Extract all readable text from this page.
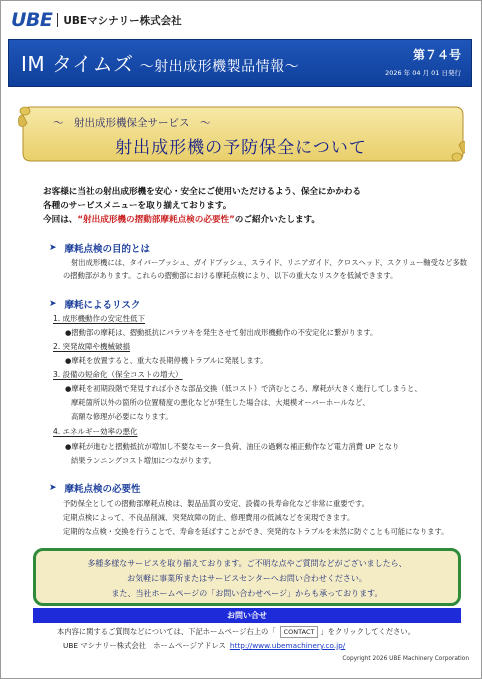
UBE UBEマシナリー株式会社
IM タイムズ ～射出成形機製品情報～
第７４号
2026 年 04 月 01 日発行
～　射出成形機保全サービス　～
射出成形機の予防保全について
お客様に当社の射出成形機を安心・安全にご使用いただけるよう、保全にかかわる
各種のサービスメニューを取り揃えております。
今回は、“射出成形機の摺動部摩耗点検の必要性”のご紹介いたします。
➤ 摩耗点検の目的とは
射出成形機には、タイバーブッシュ、ガイドブッシュ、スライド、リニアガイド、クロスヘッド、スクリュー軸受など多数
の摺動部があります。これらの摺動部における摩耗点検により、以下の重大なリスクを低減できます。
➤ 摩耗によるリスク
1. 成形機動作の安定性低下
●摺動部の摩耗は、摺動抵抗にバラツキを発生させて射出成形機動作の不安定化に繋がります。
2. 突発故障や機械破損
●摩耗を放置すると、重大な長期停機トラブルに発展します。
3. 設備の短命化（保全コストの増大）
●摩耗を初期段階で発見すれば小さな部品交換（低コスト）で済むところ、摩耗が大きく進行してしまうと、
摩耗箇所以外の箇所の位置精度の悪化などが発生した場合は、大規模オーバーホールなど、
高額な修理が必要になります。
4. エネルギー効率の悪化
●摩耗が進むと摺動抵抗が増加し不要なモーター負荷、油圧の過剰な補正動作など電力消費 UP となり
結果ランニングコスト増加につながります。
➤ 摩耗点検の必要性
予防保全としての摺動部摩耗点検は、製品品質の安定、設備の長寿命化など非常に重要です。
定期点検によって、不良品削減、突発故障の防止、修理費用の低減などを実現できます。
定期的な点検・交換を行うことで、寿命を延ばすことができ、突発的なトラブルを未然に防ぐことも可能になります。
多種多様なサービスを取り揃えております。ご不明な点やご質問などがございましたら、
お気軽に事業所またはサービスセンターへお問い合わせください。
また、当社ホームページの「お問い合わせページ」からも承っております。
お問い合せ
本内容に関するご質問などについては、下記ホームページ右上の「 CONTACT 」をクリックしてください。
UBE マシナリー株式会社　ホームページアドレス http://www.ubemachinery.co.jp/
Copyright 2026 UBE Machinery Corporation
